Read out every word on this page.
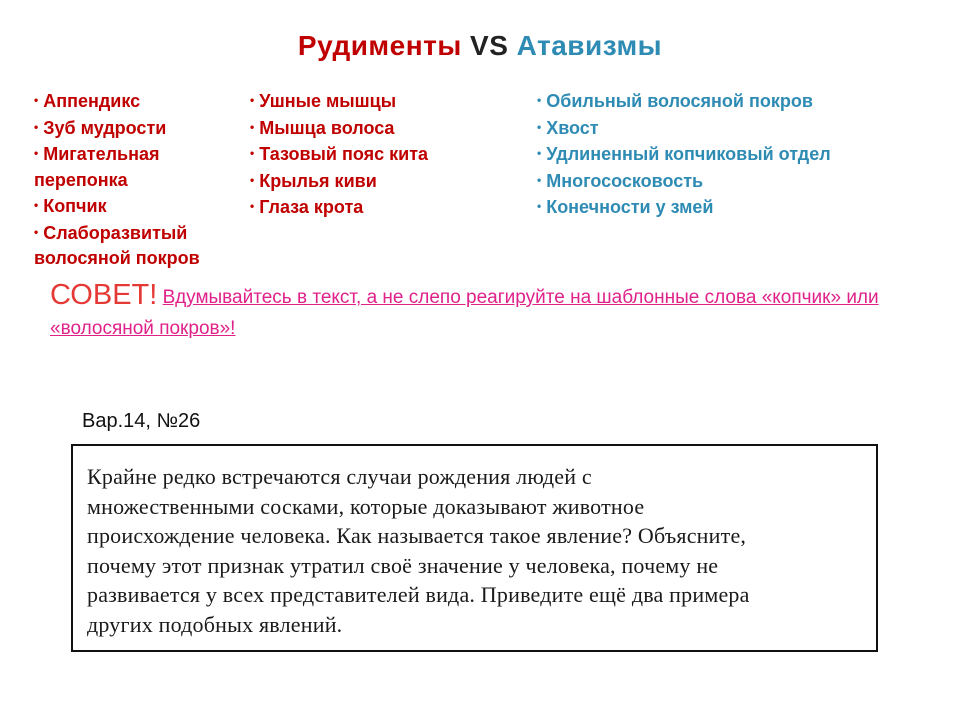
Рудименты VS Атавизмы
• Аппендикс
• Зуб мудрости
• Мигательная перепонка
• Копчик
• Слаборазвитый волосяной покров
• Ушные мышцы
• Мышца волоса
• Тазовый пояс кита
• Крылья киви
• Глаза крота
• Обильный волосяной покров
• Хвост
• Удлиненный копчиковый отдел
• Многососковость
• Конечности у змей
СОВЕТ! Вдумывайтесь в текст, а не слепо реагируйте на шаблонные слова «копчик» или «волосяной покров»!
Вар.14, №26
Крайне редко встречаются случаи рождения людей с
множественными сосками, которые доказывают животное
происхождение человека. Как называется такое явление? Объясните,
почему этот признак утратил своё значение у человека, почему не
развивается у всех представителей вида. Приведите ещё два примера
других подобных явлений.
